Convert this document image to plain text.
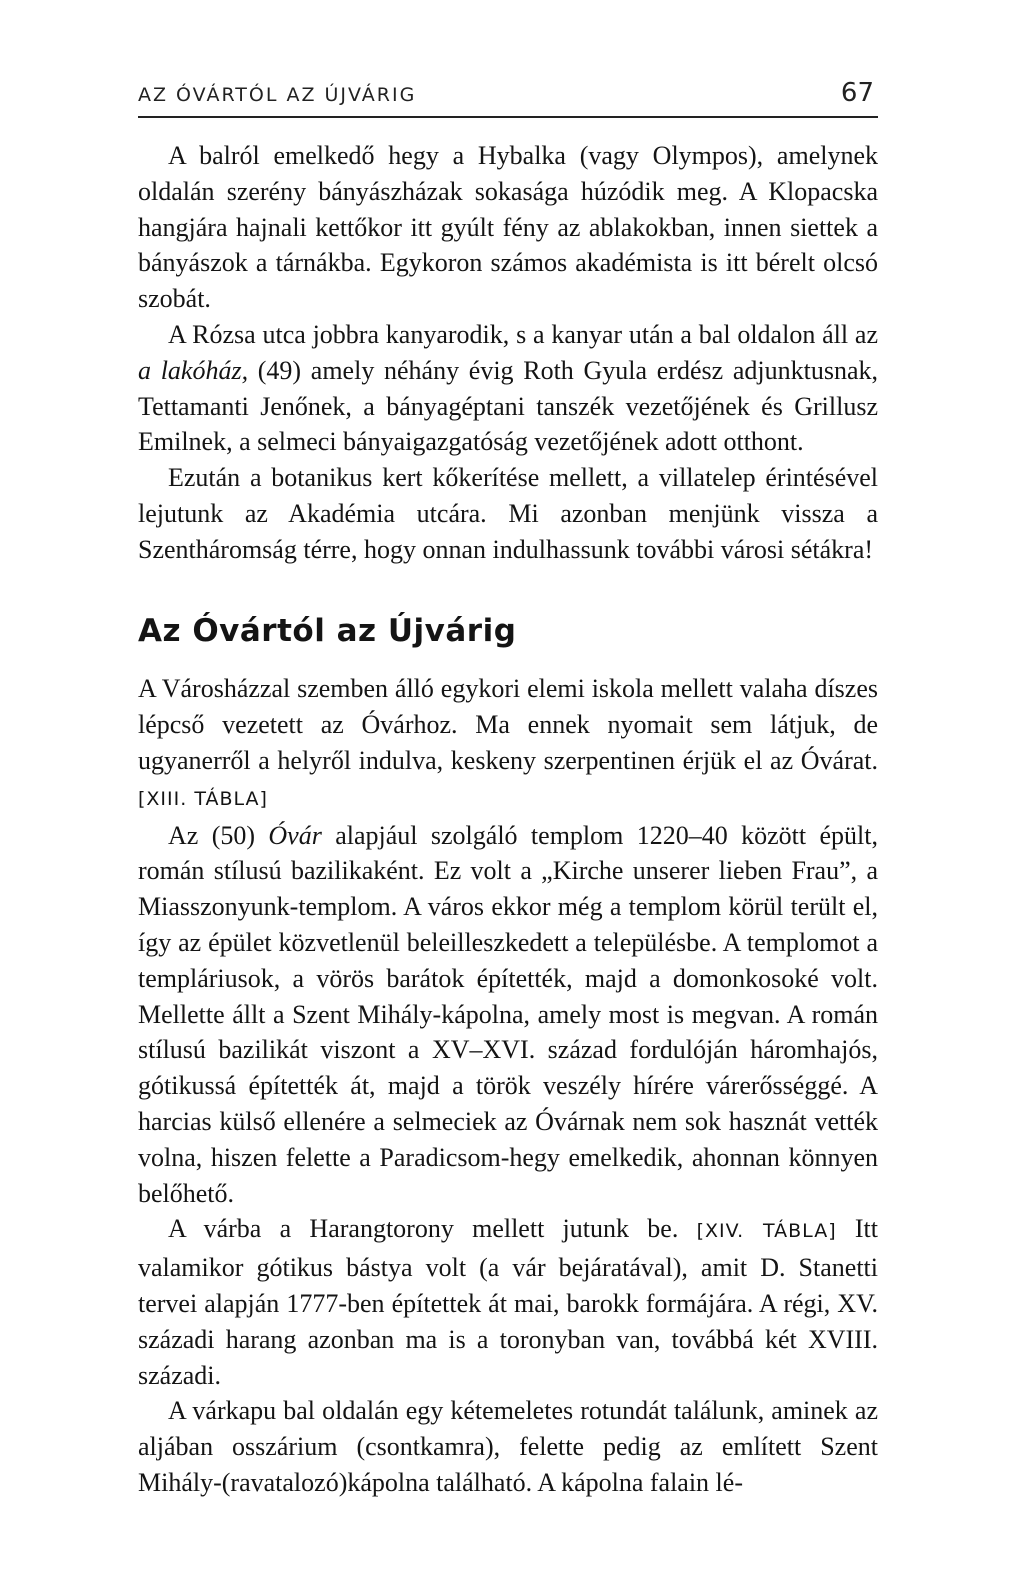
AZ ÓVÁRTÓL AZ ÚJVÁRIG	67

A balról emelkedő hegy a Hybalka (vagy Olympos), amelynek oldalán szerény bányászházak sokasága húzódik meg. A Klopacska hangjára hajnali kettőkor itt gyúlt fény az ablakokban, innen siettek a bányászok a tárnákba. Egykoron számos akadémista is itt bérelt olcsó szobát.

A Rózsa utca jobbra kanyarodik, s a kanyar után a bal oldalon áll az a lakóház, (49) amely néhány évig Roth Gyula erdész adjunktusnak, Tettamanti Jenőnek, a bányagéptani tanszék vezetőjének és Grillusz Emilnek, a selmeci bányaigazgatóság vezetőjének adott otthont.

Ezután a botanikus kert kőkerítése mellett, a villatelep érintésével lejutunk az Akadémia utcára. Mi azonban menjünk vissza a Szentháromság térre, hogy onnan indulhassunk további városi sétákra!

Az Óvártól az Újvárig

A Városházzal szemben álló egykori elemi iskola mellett valaha díszes lépcső vezetett az Óvárhoz. Ma ennek nyomait sem látjuk, de ugyanerről a helyről indulva, keskeny szerpentinen érjük el az Óvárat. [XIII. TÁBLA]

Az (50) Óvár alapjául szolgáló templom 1220–40 között épült, román stílusú bazilikaként. Ez volt a „Kirche unserer lieben Frau”, a Miasszonyunk-templom. A város ekkor még a templom körül terült el, így az épület közvetlenül beleilleszkedett a településbe. A templomot a templáriusok, a vörös barátok építették, majd a domonkosoké volt. Mellette állt a Szent Mihály-kápolna, amely most is megvan. A román stílusú bazilikát viszont a XV–XVI. század fordulóján háromhajós, gótikussá építették át, majd a török veszély hírére várerősséggé. A harcias külső ellenére a selmeciek az Óvárnak nem sok hasznát vették volna, hiszen felette a Paradicsom-hegy emelkedik, ahonnan könnyen belőhető.

A várba a Harangtorony mellett jutunk be. [XIV. TÁBLA] Itt valamikor gótikus bástya volt (a vár bejáratával), amit D. Stanetti tervei alapján 1777-ben építettek át mai, barokk formájára. A régi, XV. századi harang azonban ma is a toronyban van, továbbá két XVIII. századi.

A várkapu bal oldalán egy kétemeletes rotundát találunk, aminek az aljában osszárium (csontkamra), felette pedig az említett Szent Mihály-(ravatalozó)kápolna található. A kápolna falain lé-
